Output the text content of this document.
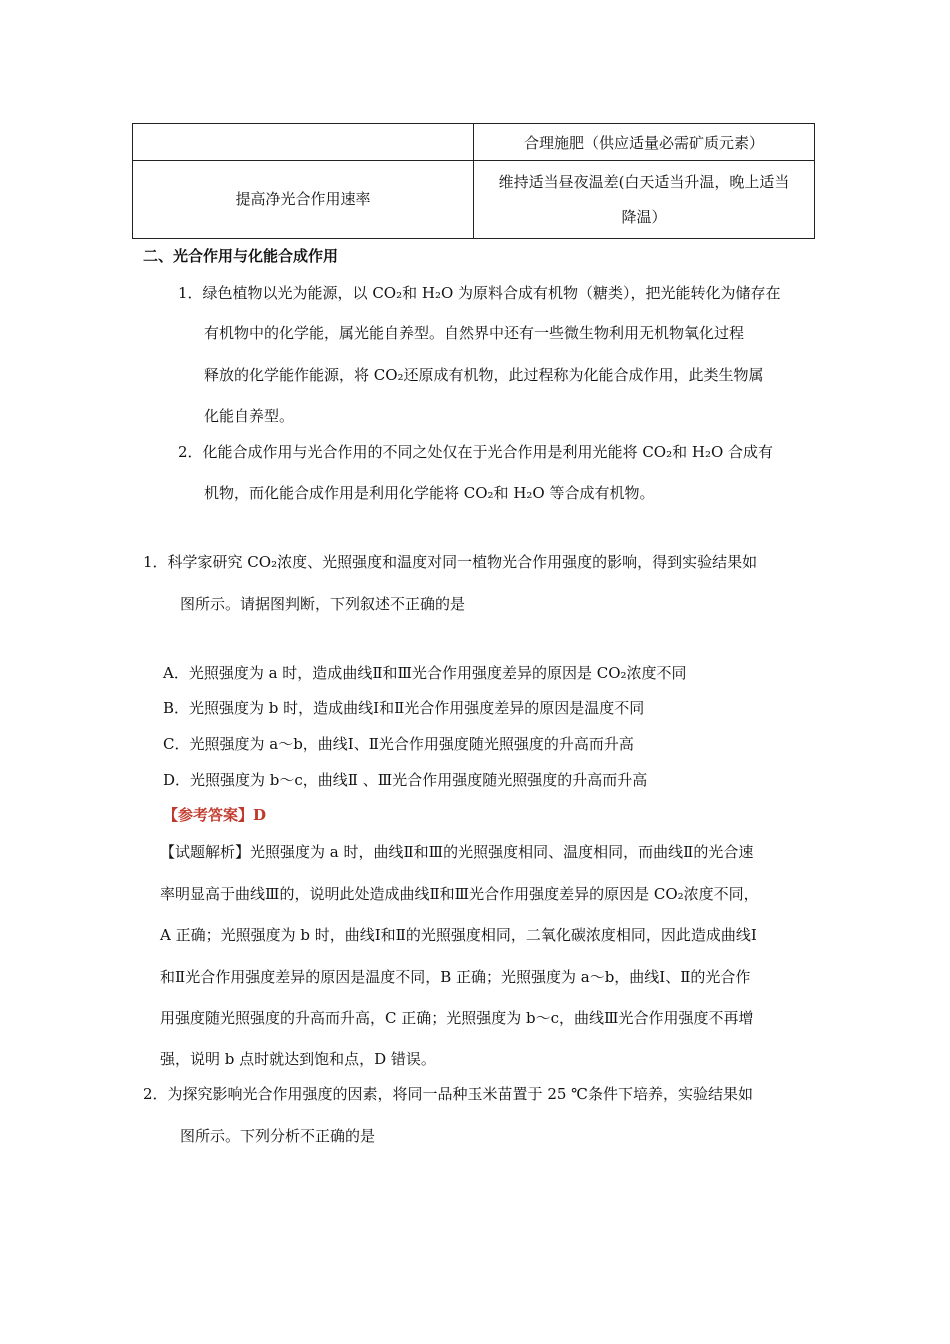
	合理施肥（供应适量必需矿质元素）
提高净光合作用速率	维持适当昼夜温差(白天适当升温，晚上适当
降温）
二、光合作用与化能合成作用
1．绿色植物以光为能源，以 CO₂和 H₂O 为原料合成有机物（糖类），把光能转化为储存在
有机物中的化学能，属光能自养型。自然界中还有一些微生物利用无机物氧化过程
释放的化学能作能源，将 CO₂还原成有机物，此过程称为化能合成作用，此类生物属
化能自养型。
2．化能合成作用与光合作用的不同之处仅在于光合作用是利用光能将 CO₂和 H₂O 合成有
机物，而化能合成作用是利用化学能将 CO₂和 H₂O 等合成有机物。
1．科学家研究 CO₂浓度、光照强度和温度对同一植物光合作用强度的影响，得到实验结果如
图所示。请据图判断，下列叙述不正确的是
A．光照强度为 a 时，造成曲线Ⅱ和Ⅲ光合作用强度差异的原因是 CO₂浓度不同
B．光照强度为 b 时，造成曲线Ⅰ和Ⅱ光合作用强度差异的原因是温度不同
C．光照强度为 a～b，曲线Ⅰ、Ⅱ光合作用强度随光照强度的升高而升高
D．光照强度为 b～c，曲线Ⅱ 、Ⅲ光合作用强度随光照强度的升高而升高
【参考答案】D
【试题解析】光照强度为 a 时，曲线Ⅱ和Ⅲ的光照强度相同、温度相同，而曲线Ⅱ的光合速
率明显高于曲线Ⅲ的，说明此处造成曲线Ⅱ和Ⅲ光合作用强度差异的原因是 CO₂浓度不同，
A 正确；光照强度为 b 时，曲线Ⅰ和Ⅱ的光照强度相同，二氧化碳浓度相同，因此造成曲线Ⅰ
和Ⅱ光合作用强度差异的原因是温度不同，B 正确；光照强度为 a～b，曲线Ⅰ、Ⅱ的光合作
用强度随光照强度的升高而升高，C 正确；光照强度为 b～c，曲线Ⅲ光合作用强度不再增
强，说明 b 点时就达到饱和点，D 错误。
2．为探究影响光合作用强度的因素，将同一品种玉米苗置于 25 ℃条件下培养，实验结果如
图所示。下列分析不正确的是
